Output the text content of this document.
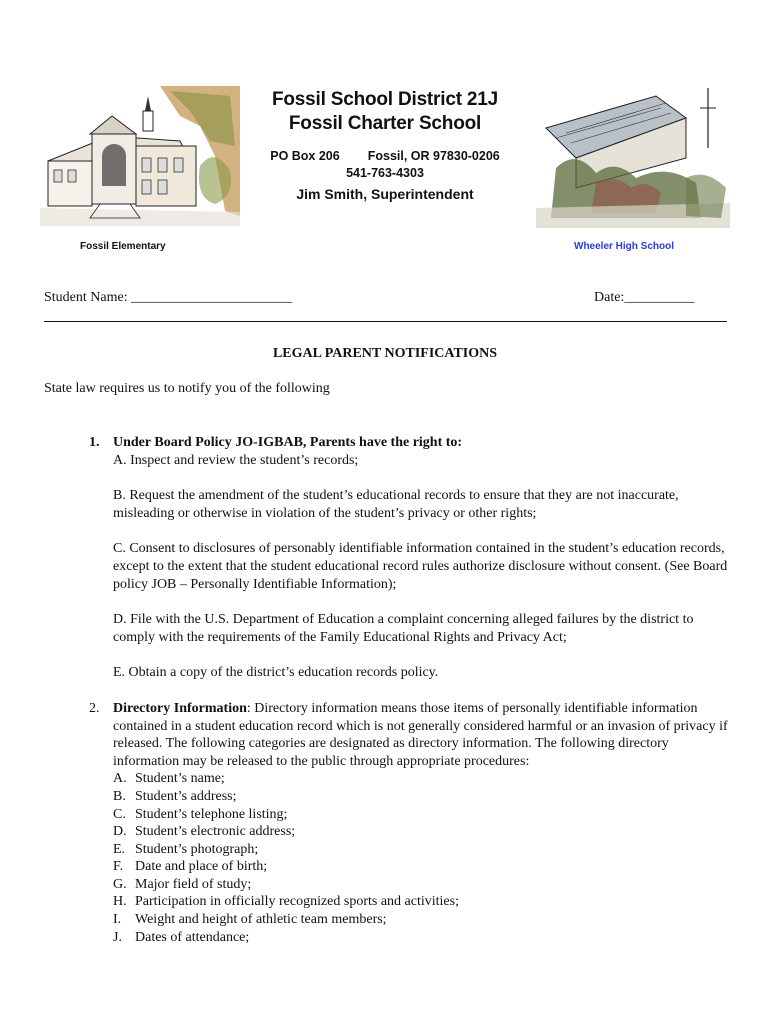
Fossil School District 21J
Fossil Charter School
PO Box 206 Fossil, OR 97830-0206
541-763-4303
Jim Smith, Superintendent
Fossil Elementary	Wheeler High School
Student Name: _______________________	Date:__________
LEGAL PARENT NOTIFICATIONS
State law requires us to notify you of the following
1. Under Board Policy JO-IGBAB, Parents have the right to:

A. Inspect and review the student’s records;

B. Request the amendment of the student’s educational records to ensure that they are not inaccurate, misleading or otherwise in violation of the student’s privacy or other rights;

C. Consent to disclosures of personably identifiable information contained in the student’s education records, except to the extent that the student educational record rules authorize disclosure without consent. (See Board policy JOB – Personally Identifiable Information);

D. File with the U.S. Department of Education a complaint concerning alleged failures by the district to comply with the requirements of the Family Educational Rights and Privacy Act;

E. Obtain a copy of the district’s education records policy.

2. Directory Information: Directory information means those items of personally identifiable information contained in a student education record which is not generally considered harmful or an invasion of privacy if released. The following categories are designated as directory information. The following directory information may be released to the public through appropriate procedures:

A. Student’s name;
B. Student’s address;
C. Student’s telephone listing;
D. Student’s electronic address;
E. Student’s photograph;
F. Date and place of birth;
G. Major field of study;
H. Participation in officially recognized sports and activities;
I. Weight and height of athletic team members;
J. Dates of attendance;
